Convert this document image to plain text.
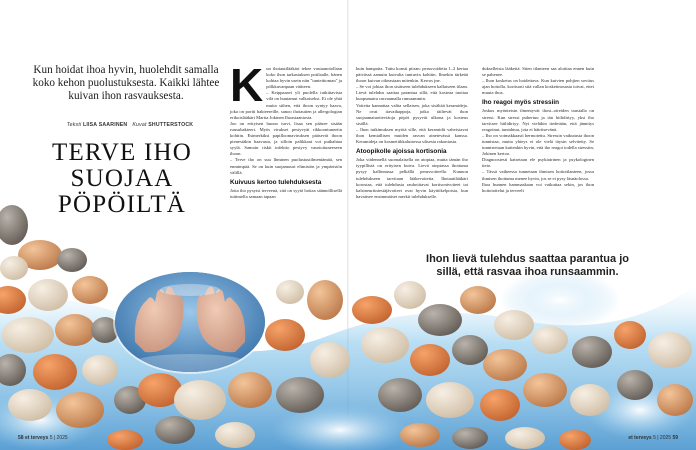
Kun hoidat ihoa hyvin, huolehdit samalla koko kehon puolustuksesta. Kaikki lähtee kuivan ihon rasvauksesta.
Teksti LIISA SAARINEN Kuvat SHUTTERSTOCK
TERVE IHO SUOJAA PÖPÖILTÄ
K un ihotautilääkäri tekee vastaanotollaan koko ihon tarkastuksen potilaalle, hänen kohtaa hyvin usein niin "tunteittoman" ja pölkkuvanpaan väitteen.

– Keippaaavi yli puolella tutkittavista vilä on huutamut valkoiseksi. Ei ole yhtä muita siihen, että ihoon syntyy haava, joka on portti bakteereille, sanoo ihotautien ja allergologian erikoislääkäri Martta Jokinen Ihoasiaaniosta.

Joo on erityisen huono turvi, lisaa sen pääsee sisään ruusubakteeri. Myös virukset pestyvyät rikkoontuneeiin kohtiin. Esimerkiksi papilloomaviruksen pääsevät ihoon pienestäkin haavasta, ja silloin palikkaat voi puikahtaa syylä. Samoin riskit infektio pestyvy vaurioituneeseen ihoon.

– Terve iho on suu lhminen puolustustilmentämää, sen enmimpää. Se on kuin suojamuuri elimistön ja ympäristön välillä.

Kuivuus kertoo tulehduksesta

Jotta iho pysyisi terveenä, sitä on syytä hoitaa säännöllisellä tuttimella samaan tapaan

kuin hampaita. Tuttu konsti piiran: perusvoidetta 1–2 kertaa päivässä aamuin kuivalta tuntuvin kohtiin. Ilmekin tärkeää ihoon kuivan oikeastaan mitenkin. Kerros jne.

– Se voi johtaa ihon sisäiseen tulehdukseen kallaiseen tilaan. Lievä tulehdus saattaa parantua sillä, että kosteaa tuottaa kuopumatra rasvaamalla runsaammin.

Voiteita kannattaa valita sellaisen, joka sisältää keramideja. Ne ovat iiavaihappoja, jotka täiltevät ihon suojaamatuotteviäoja pöpöt pysyvät ulkona ja kosteus sisällä.

– Ihon tutkimuksen myötä sille, että keramidit vahvistavat ihon kemiallisen muiden rasvan ainetevässä kanssa. Keramideja on kosmetiikkaluisessa ulisesta rakoniasta.

Atoopikolle ajoissa kortisonia

Joka viidennellä suomalaisella on atopiaa, mutta tämän iho tyypillistä on erityisen kuiva. Lievä atopiassa ihottuma pysyy hallinnassa pelkällä perusvoiteella. Kunnon tulehdukseen tarvitaan lääkevoiteita. Ihotautilääkäri korostaa, että tulehdusta rauhoittavat kortisonivoiteet tai kalsineuriiniestäjävoiteet ovat hyvin käyttökelpoisia, kun havaitsee ensimmäiset merkit tulehdukselle.

dukselleista lääkettä. Siten tilanteen saa aloittaa ennen kuin se pahenee.

– Ihon kosketus on hoidettava. Kun kuivien pohjien sovitus ajan hoitolla, kortisoni sitä vallan kosketinosasta toivat, ettei muuta ihoa.

Iho reagoi myös stressiin

Joskus myönteisin ilmentyvät ihosi–oireiden taustalla on stressi. Kun stressi puhertuu ja iän hiilidirtyy, yksi iho tarvitsee hiilidirtyy. Nyt vieläkin tiedetään, että jännitys reagoinut, tuntahtuu, jota ei häiritsevänä.

– Iho on voimakkaasti hermotettu. Stressin vaikutusta ihoon tunnistaa, mutta yhteys ei ole vielä täysin selvitetty. Se tunnistetaan kuitenkin hyvin, että iho reagoi todella stressiin, Jokinen kertoo.

Diagnoosiesti katsetaan ele psykiatrinen ja psykologinen tieto.

– Tässä vaiheessa tunnetaan ihmisen hoitotilanteen, jossa ihmisen ihottuma menee hyvin, jos se ei pysy läsnäolossa.

Ihoa hunnen hammaskaan voi vaikuttaa sekin, jos ihon hoitotottelut ja terveelt

Ihon lievä tulehdus saattaa parantua jo sillä, että rasvaa ihoa runsaammin.
58 et terveys 5 | 2025	et terveys 5 | 2025 59
